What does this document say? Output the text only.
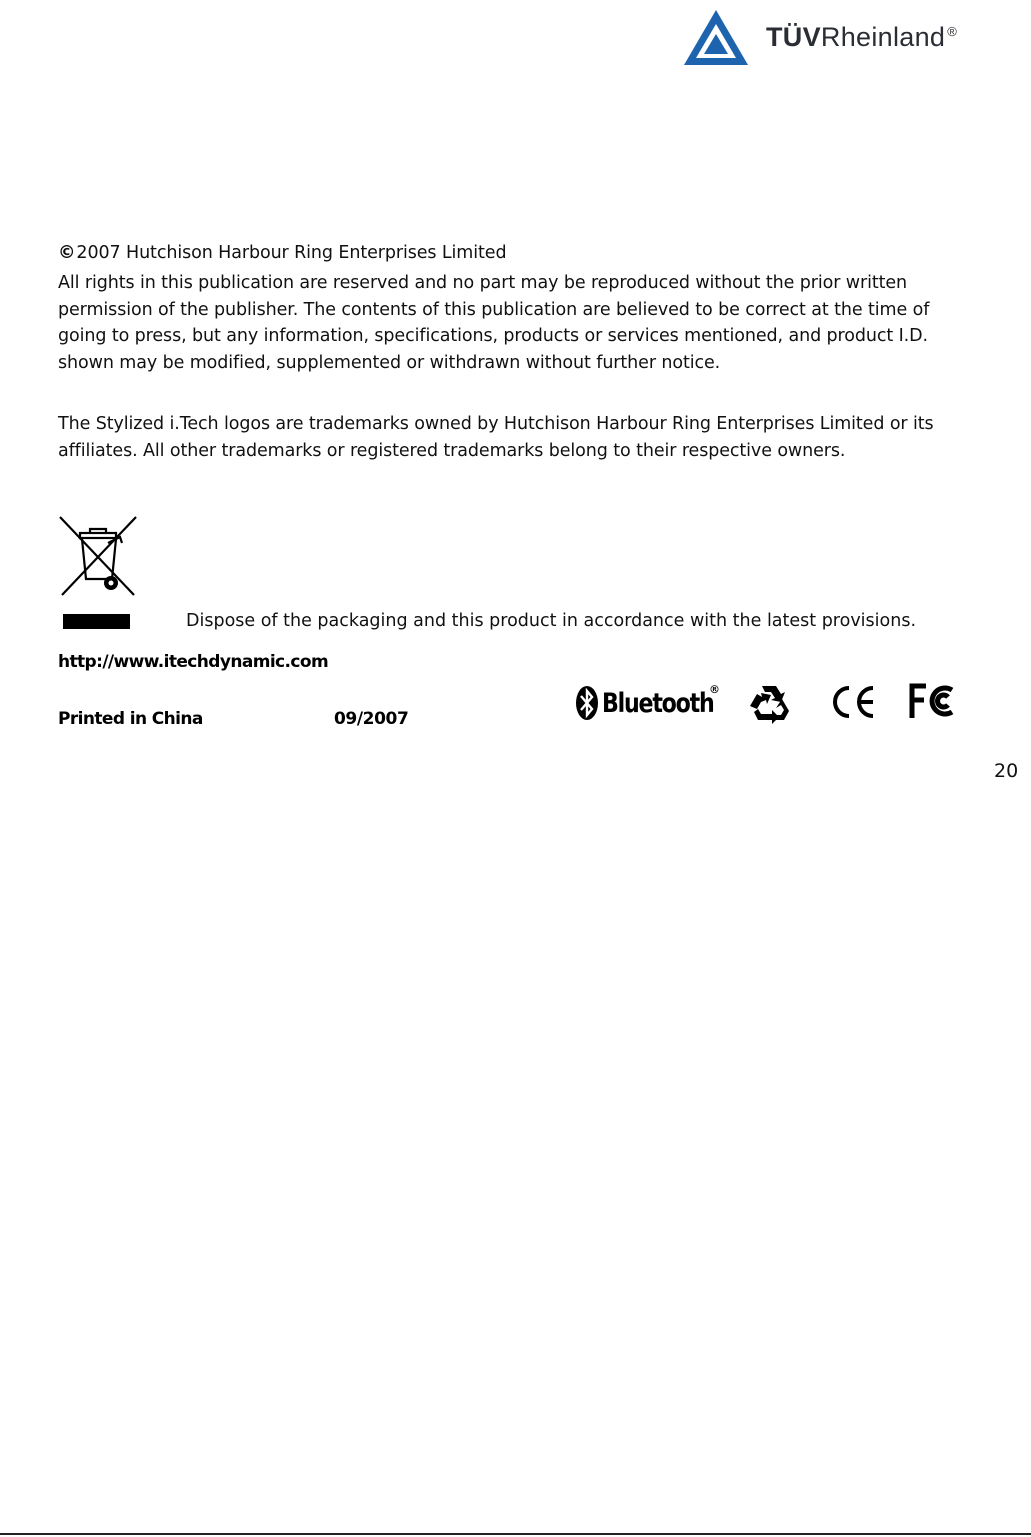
TÜVRheinland ®
©2007 Hutchison Harbour Ring Enterprises Limited
All rights in this publication are reserved and no part may be reproduced without the prior written permission of the publisher. The contents of this publication are believed to be correct at the time of going to press, but any information, specifications, products or services mentioned, and product I.D. shown may be modified, supplemented or withdrawn without further notice.
The Stylized i.Tech logos are trademarks owned by Hutchison Harbour Ring Enterprises Limited or its affiliates. All other trademarks or registered trademarks belong to their respective owners.
Dispose of the packaging and this product in accordance with the latest provisions.
http://www.itechdynamic.com
Printed in China	09/2007
Bluetooth
®
20
